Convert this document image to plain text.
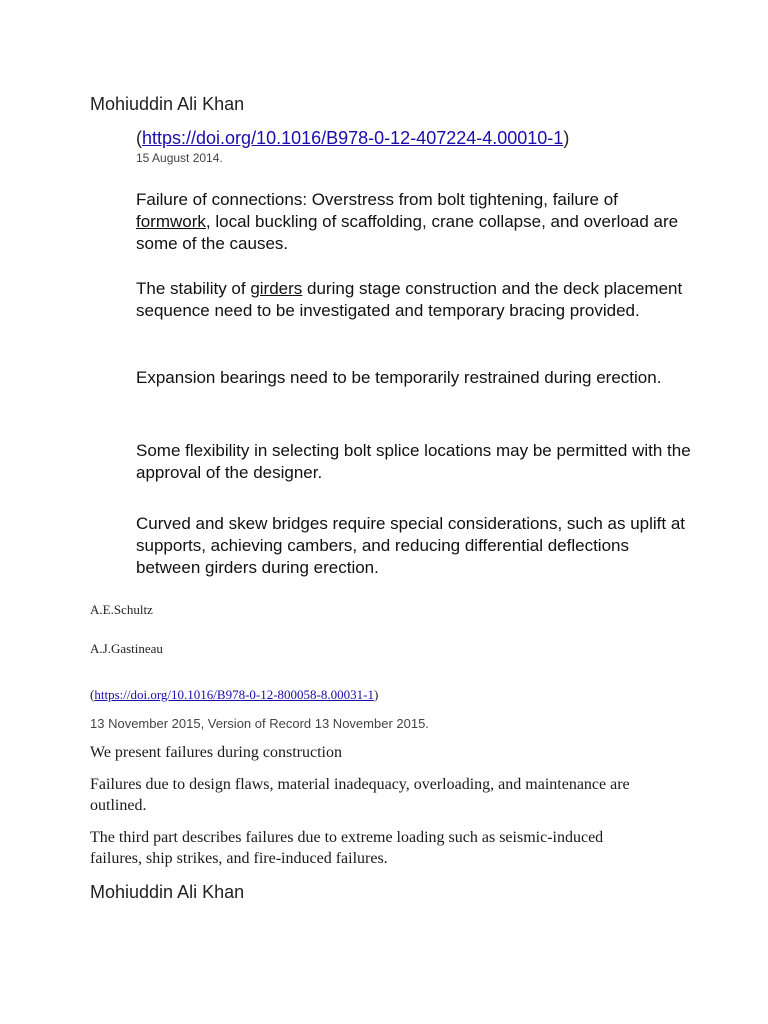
Mohiuddin Ali Khan

(https://doi.org/10.1016/B978-0-12-407224-4.00010-1)

15 August 2014.

Failure of connections: Overstress from bolt tightening, failure of formwork, local buckling of scaffolding, crane collapse, and overload are some of the causes.

The stability of girders during stage construction and the deck placement sequence need to be investigated and temporary bracing provided.

Expansion bearings need to be temporarily restrained during erection.

Some flexibility in selecting bolt splice locations may be permitted with the approval of the designer.

Curved and skew bridges require special considerations, such as uplift at supports, achieving cambers, and reducing differential deflections between girders during erection.

A.E.Schultz

A.J.Gastineau

(https://doi.org/10.1016/B978-0-12-800058-8.00031-1)

13 November 2015, Version of Record 13 November 2015.

We present failures during construction

Failures due to design flaws, material inadequacy, overloading, and maintenance are outlined.

The third part describes failures due to extreme loading such as seismic-induced failures, ship strikes, and fire-induced failures.

Mohiuddin Ali Khan
